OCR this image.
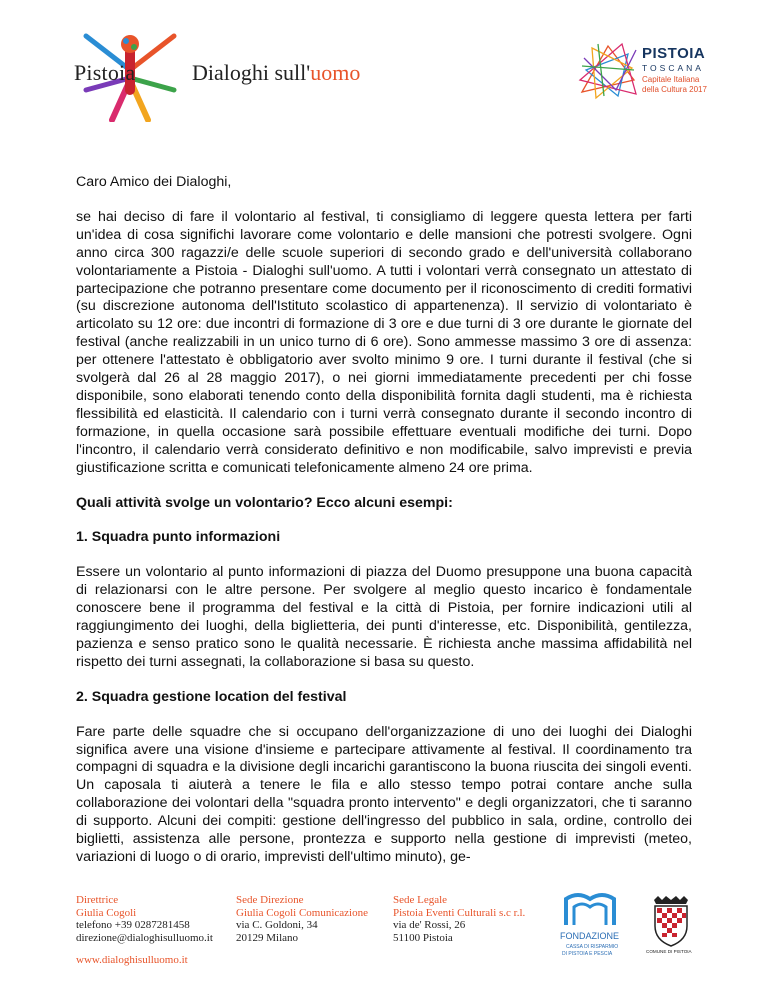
Pistoia	Dialoghi sull'uomo
PISTOIA
TOSCANA
Capitale Italiana
della Cultura 2017

Caro Amico dei Dialoghi,

se hai deciso di fare il volontario al festival, ti consigliamo di leggere questa lettera per farti un'idea di cosa significhi lavorare come volontario e delle mansioni che potresti svolgere. Ogni anno circa 300 ragazzi/e delle scuole superiori di secondo grado e dell'università collaborano volontariamente a Pistoia - Dialoghi sull'uomo. A tutti i volontari verrà consegnato un attestato di partecipazione che potranno presentare come documento per il riconoscimento di crediti formativi (su discrezione autonoma dell'Istituto scolastico di appartenenza). Il servizio di volontariato è articolato su 12 ore: due incontri di formazione di 3 ore e due turni di 3 ore durante le giornate del festival (anche realizzabili in un unico turno di 6 ore). Sono ammesse massimo 3 ore di assenza: per ottenere l'attestato è obbligatorio aver svolto minimo 9 ore. I turni durante il festival (che si svolgerà dal 26 al 28 maggio 2017), o nei giorni immediatamente precedenti per chi fosse disponibile, sono elaborati tenendo conto della disponibilità fornita dagli studenti, ma è richiesta flessibilità ed elasticità. Il calendario con i turni verrà consegnato durante il secondo incontro di formazione, in quella occasione sarà possibile effettuare eventuali modifiche dei turni. Dopo l'incontro, il calendario verrà considerato definitivo e non modificabile, salvo imprevisti e previa giustificazione scritta e comunicati telefonicamente almeno 24 ore prima.

Quali attività svolge un volontario? Ecco alcuni esempi:

1. Squadra punto informazioni

Essere un volontario al punto informazioni di piazza del Duomo presuppone una buona capacità di relazionarsi con le altre persone. Per svolgere al meglio questo incarico è fondamentale conoscere bene il programma del festival e la città di Pistoia, per fornire indicazioni utili al raggiungimento dei luoghi, della biglietteria, dei punti d'interesse, etc. Disponibilità, gentilezza, pazienza e senso pratico sono le qualità necessarie. È richiesta anche massima affidabilità nel rispetto dei turni assegnati, la collaborazione si basa su questo.

2. Squadra gestione location del festival

Fare parte delle squadre che si occupano dell'organizzazione di uno dei luoghi dei Dialoghi significa avere una visione d'insieme e partecipare attivamente al festival. Il coordinamento tra compagni di squadra e la divisione degli incarichi garantiscono la buona riuscita dei singoli eventi. Un caposala ti aiuterà a tenere le fila e allo stesso tempo potrai contare anche sulla collaborazione dei volontari della "squadra pronto intervento" e degli organizzatori, che ti saranno di supporto. Alcuni dei compiti: gestione dell'ingresso del pubblico in sala, ordine, controllo dei biglietti, assistenza alle persone, prontezza e supporto nella gestione di imprevisti (meteo, variazioni di luogo o di orario, imprevisti dell'ultimo minuto), ge-

Direttrice
Giulia Cogoli
telefono +39 0287281458
direzione@dialoghisulluomo.it
Sede Direzione
Giulia Cogoli Comunicazione
via C. Goldoni, 34
20129 Milano
Sede Legale
Pistoia Eventi Culturali s.c r.l.
via de' Rossi, 26
51100 Pistoia
www.dialoghisulluomo.it
FONDAZIONE
CASSA DI RISPARMIO
DI PISTOIA E PESCIA	COMUNE DI PISTOIA
